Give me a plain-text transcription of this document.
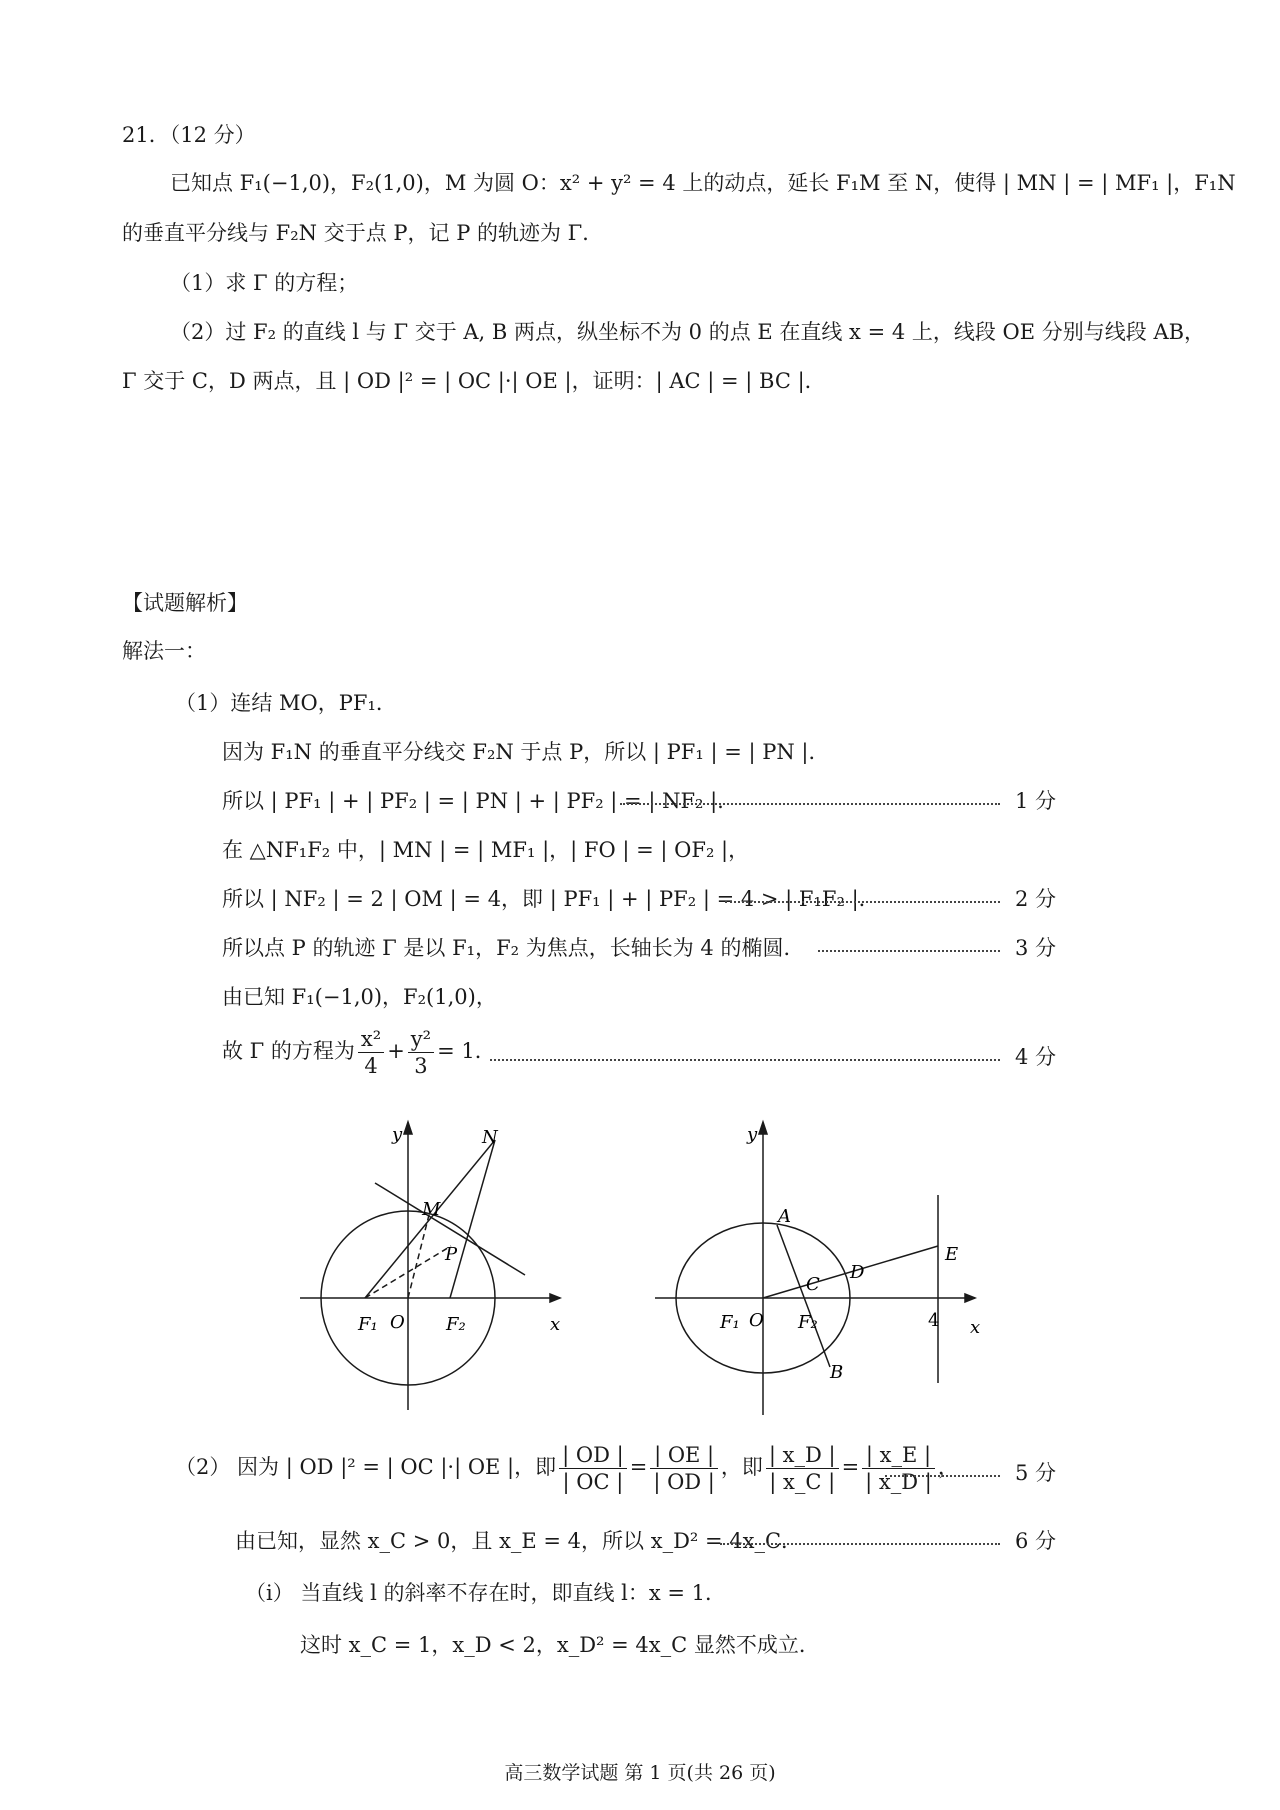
21．（12 分）
已知点 F₁(−1,0)，F₂(1,0)，M 为圆 O：x² + y² = 4 上的动点，延长 F₁M 至 N，使得 | MN | = | MF₁ |，F₁N
的垂直平分线与 F₂N 交于点 P，记 P 的轨迹为 Γ．
（1）求 Γ 的方程；
（2）过 F₂ 的直线 l 与 Γ 交于 A, B 两点，纵坐标不为 0 的点 E 在直线 x = 4 上，线段 OE 分别与线段 AB，
Γ 交于 C，D 两点，且 | OD |² = | OC |·| OE |，证明：| AC | = | BC |．
【试题解析】
解法一：
（1）连结 MO，PF₁．
因为 F₁N 的垂直平分线交 F₂N 于点 P，所以 | PF₁ | = | PN |．
所以 | PF₁ | + | PF₂ | = | PN | + | PF₂ | = | NF₂ |．	1 分
在 △NF₁F₂ 中，| MN | = | MF₁ |，| FO | = | OF₂ |，
所以 | NF₂ | = 2 | OM | = 4，即 | PF₁ | + | PF₂ | = 4 > | F₁F₂ |．	2 分
所以点 P 的轨迹 Γ 是以 F₁，F₂ 为焦点，长轴长为 4 的椭圆．	3 分
由已知 F₁(−1,0)，F₂(1,0)，
故 Γ 的方程为 $\frac{\text{x²}}{4} + \frac{\text{y²}}{3} = 1$．	4 分
y	N
M
P
F₁ O F₂	x
y
A
D
E
C
F₁ O F₂	4 x
B
（2） 因为 | OD |² = | OC |·| OE |，即 $\frac{| OD |}{| OC |} = \frac{| OE |}{| OD |}$ ，即 $\frac{| x\_D |}{| x\_C |} = \frac{| x\_E |}{| x\_D |}$ ，	5 分
由已知，显然 x_C > 0，且 x_E = 4，所以 x_D² = 4x_C．	6 分
（i） 当直线 l 的斜率不存在时，即直线 l：x = 1．
这时 x_C = 1，x_D < 2，x_D² = 4x_C 显然不成立．
高三数学试题 第 1 页(共 26 页)
